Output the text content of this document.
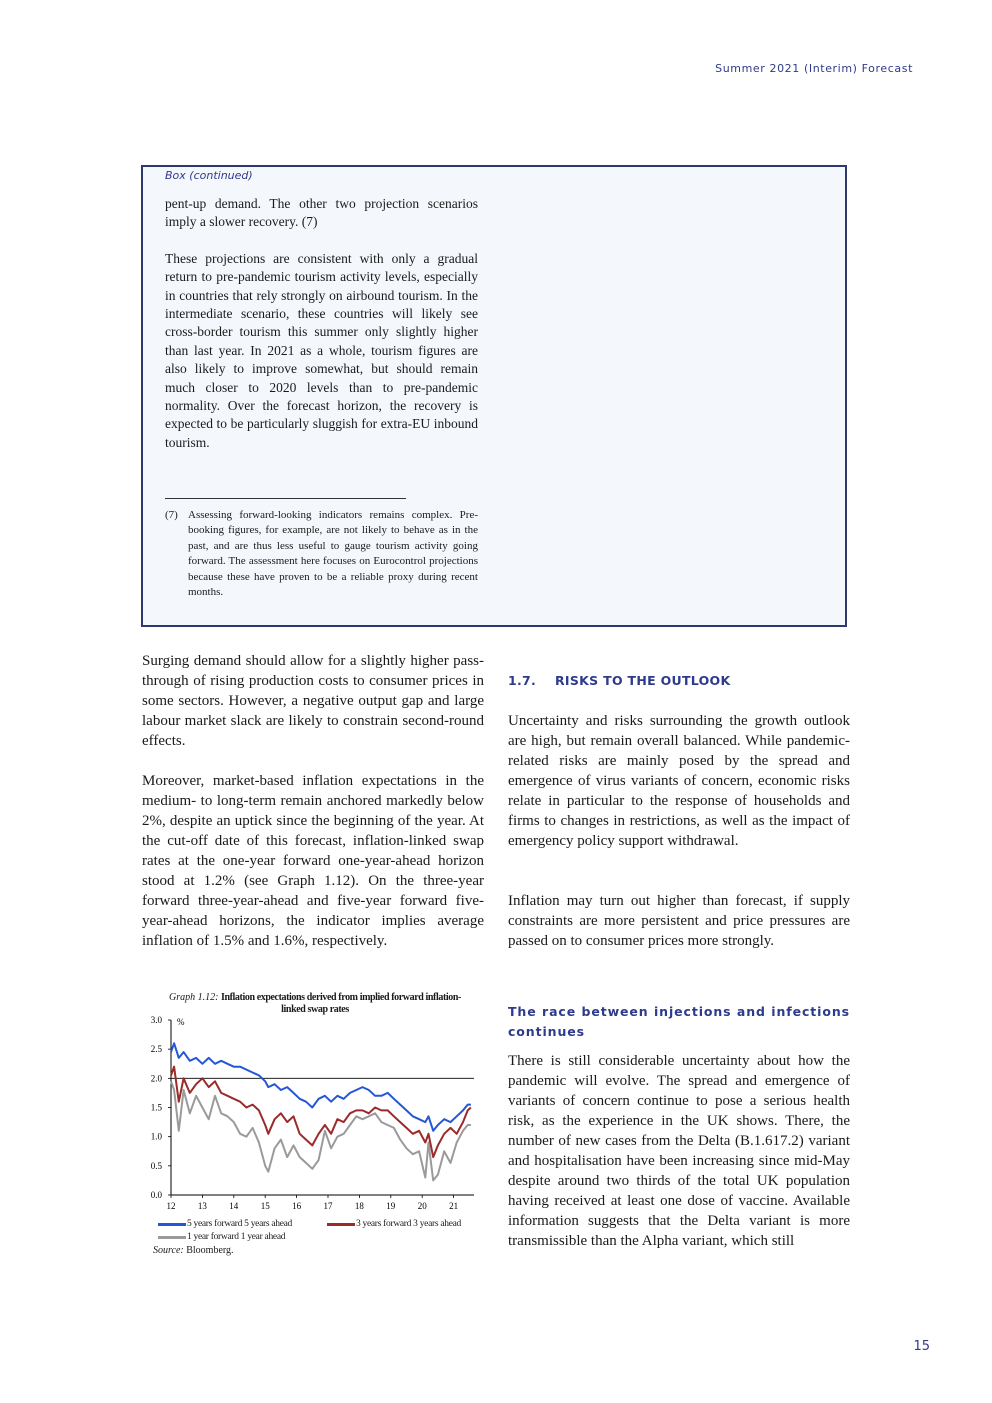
Summer 2021 (Interim) Forecast
Box (continued)

pent-up demand. The other two projection scenarios imply a slower recovery. (7)

These projections are consistent with only a gradual return to pre-pandemic tourism activity levels, especially in countries that rely strongly on airbound tourism. In the intermediate scenario, these countries will likely see cross-border tourism this summer only slightly higher than last year. In 2021 as a whole, tourism figures are also likely to improve somewhat, but should remain much closer to 2020 levels than to pre-pandemic normality. Over the forecast horizon, the recovery is expected to be particularly sluggish for extra-EU inbound tourism.

(7) Assessing forward-looking indicators remains complex. Pre-booking figures, for example, are not likely to behave as in the past, and are thus less useful to gauge tourism activity going forward. The assessment here focuses on Eurocontrol projections because these have proven to be a reliable proxy during recent months.

Surging demand should allow for a slightly higher pass-through of rising production costs to consumer prices in some sectors. However, a negative output gap and large labour market slack are likely to constrain second-round effects.

Moreover, market-based inflation expectations in the medium- to long-term remain anchored markedly below 2%, despite an uptick since the beginning of the year. At the cut-off date of this forecast, inflation-linked swap rates at the one-year forward one-year-ahead horizon stood at 1.2% (see Graph 1.12). On the three-year forward three-year-ahead and five-year forward five-year-ahead horizons, the indicator implies average inflation of 1.5% and 1.6%, respectively.

Graph 1.12: Inflation expectations derived from implied forward inflation-linked swap rates
0.0
0.5
1.0
1.5
2.0
2.5
3.0
12 13 14 15 16 17 18 19 20 21
%
5 years forward 5 years ahead	3 years forward 3 years ahead
1 year forward 1 year ahead
Source: Bloomberg.
1.7. RISKS TO THE OUTLOOK
Uncertainty and risks surrounding the growth outlook are high, but remain overall balanced. While pandemic-related risks are mainly posed by the spread and emergence of virus variants of concern, economic risks relate in particular to the response of households and firms to changes in restrictions, as well as the impact of emergency policy support withdrawal.
Inflation may turn out higher than forecast, if supply constraints are more persistent and price pressures are passed on to consumer prices more strongly.
The race between injections and infections continues
There is still considerable uncertainty about how the pandemic will evolve. The spread and emergence of variants of concern continue to pose a serious health risk, as the experience in the UK shows. There, the number of new cases from the Delta (B.1.617.2) variant and hospitalisation have been increasing since mid-May despite around two thirds of the total UK population having received at least one dose of vaccine. Available information suggests that the Delta variant is more transmissible than the Alpha variant, which still
15
